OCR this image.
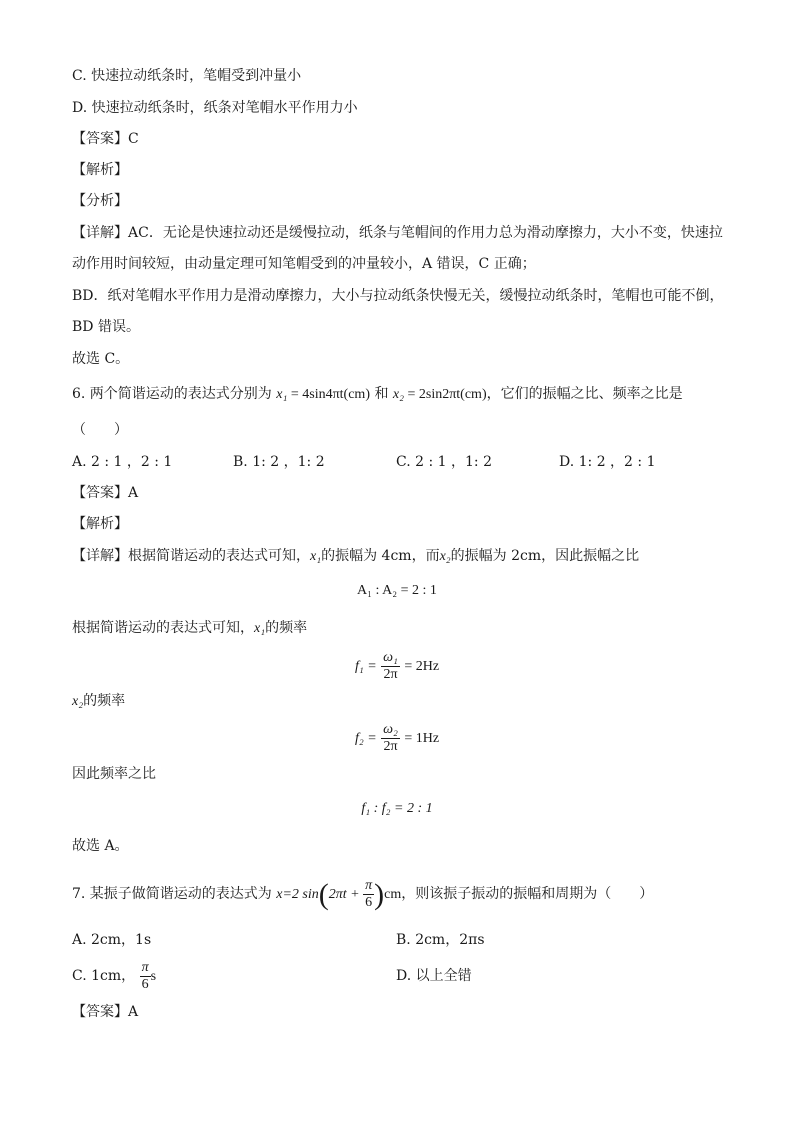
C. 快速拉动纸条时，笔帽受到冲量小
D. 快速拉动纸条时，纸条对笔帽水平作用力小
【答案】C
【解析】
【分析】
【详解】AC．无论是快速拉动还是缓慢拉动，纸条与笔帽间的作用力总为滑动摩擦力，大小不变，快速拉
动作用时间较短，由动量定理可知笔帽受到的冲量较小，A 错误，C 正确；
BD．纸对笔帽水平作用力是滑动摩擦力，大小与拉动纸条快慢无关，缓慢拉动纸条时，笔帽也可能不倒，
BD 错误。
故选 C。
6. 两个简谐运动的表达式分别为 x₁ = 4sin4πt(cm) 和 x₂ = 2sin2πt(cm)，它们的振幅之比、频率之比是
（　　）
A. 2 : 1 ，2 : 1	B. 1: 2 ，1: 2	C. 2 : 1 ，1: 2	D. 1: 2 ，2 : 1
【答案】A
【解析】
【详解】根据简谐运动的表达式可知，x₁的振幅为 4cm，而x₂的振幅为 2cm，因此振幅之比
A₁ : A₂ = 2 : 1
根据简谐运动的表达式可知，x₁的频率
$f_1 = \frac{\text{ω₁}}{2\pi} = 2Hz$
x₂的频率
$f_2 = \frac{\text{ω₂}}{2\pi} = 1Hz$
因此频率之比
f₁ : f₂ = 2 : 1
故选 A。
7. 某振子做简谐运动的表达式为 x=2 $\sin(2\pi t + \frac{\pi}{6} )cm$，则该振子振动的振幅和周期为（　　）
A. 2cm，1s	B. 2cm，2πs
C. 1cm， $\frac{\pi}{6}$ s	D. 以上全错
【答案】A
